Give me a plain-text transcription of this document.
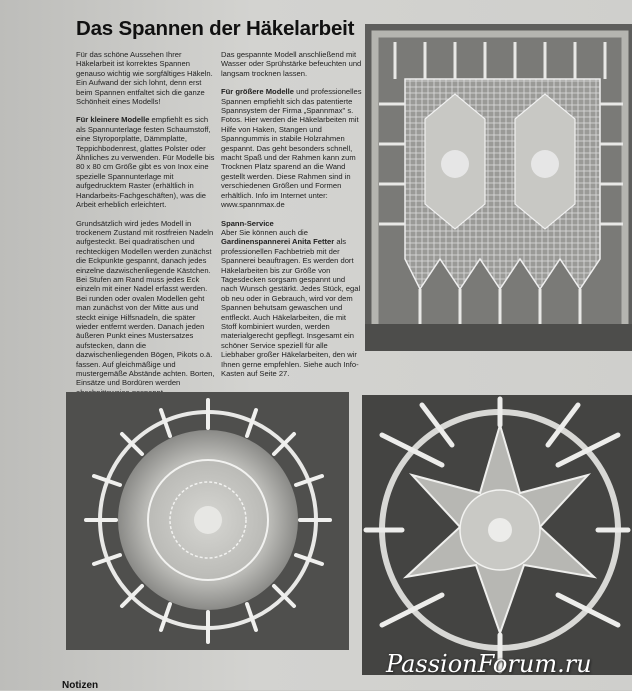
Das Spannen der Häkelarbeit

Für das schöne Aussehen Ihrer Häkelarbeit ist korrektes Spannen genauso wichtig wie sorgfältiges Häkeln. Ein Aufwand der sich lohnt, denn erst beim Spannen entfaltet sich die ganze Schönheit eines Modells!

Für kleinere Modelle empfiehlt es sich als Spannunterlage festen Schaumstoff, eine Styroporplatte, Dämmplatte, Teppichbodenrest, glattes Polster oder Ähnliches zu verwenden. Für Modelle bis 80 x 80 cm Größe gibt es von Inox eine spezielle Spannunterlage mit aufgedrucktem Raster (erhältlich in Handarbeits-Fachgeschäften), was die Arbeit erheblich erleichtert.

Grundsätzlich wird jedes Modell in trockenem Zustand mit rostfreien Nadeln aufgesteckt. Bei quadratischen und rechteckigen Modellen werden zunächst die Eckpunkte gespannt, danach jedes einzelne dazwischenliegende Kästchen. Bei Stufen am Rand muss jedes Eck einzeln mit einer Nadel erfasst werden. Bei runden oder ovalen Modellen geht man zunächst von der Mitte aus und steckt einige Hilfsnadeln, die später wieder entfernt werden. Danach jeden äußeren Punkt eines Mustersatzes aufstecken, dann die dazwischenliegenden Bögen, Pikots o.ä. fassen. Auf gleichmäßige und mustergemäße Abstände achten. Borten, Einsätze und Bordüren werden

Das gespannte Modell anschließend mit Wasser oder Sprühstärke befeuchten und langsam trocknen lassen.

Für größere Modelle und professionelles Spannen empfiehlt sich das patentierte Spannsystem der Firma „Spannmax" s. Fotos. Hier werden die Häkelarbeiten mit Hilfe von Haken, Stangen und Spanngummis in stabile Holzrahmen gespannt. Das geht besonders schnell, macht Spaß und der Rahmen kann zum Trocknen Platz sparend an die Wand gestellt werden. Diese Rahmen sind in verschiedenen Größen und Formen erhältlich. Info im Internet unter: www.spannmax.de

Spann-Service
Aber Sie können auch die Gardinenspannerei Anita Fetter als professionellen Fachbetrieb mit der Spannerei beauftragen. Es werden dort Häkelarbeiten bis zur Größe von Tagesdecken sorgsam gespannt und nach Wunsch gestärkt. Jedes Stück, egal ob neu oder in Gebrauch, wird vor dem Spannen behutsam gewaschen und entfleckt. Auch Häkelarbeiten, die mit Stoff kombiniert wurden, werden materialgerecht gepflegt. Insgesamt ein schöner Service speziell für alle Liebhaber großer Häkelarbeiten, den wir Ihnen gerne empfehlen. Siehe auch Info-Kasten auf Seite 27.

Notizen
PassionForum.ru
